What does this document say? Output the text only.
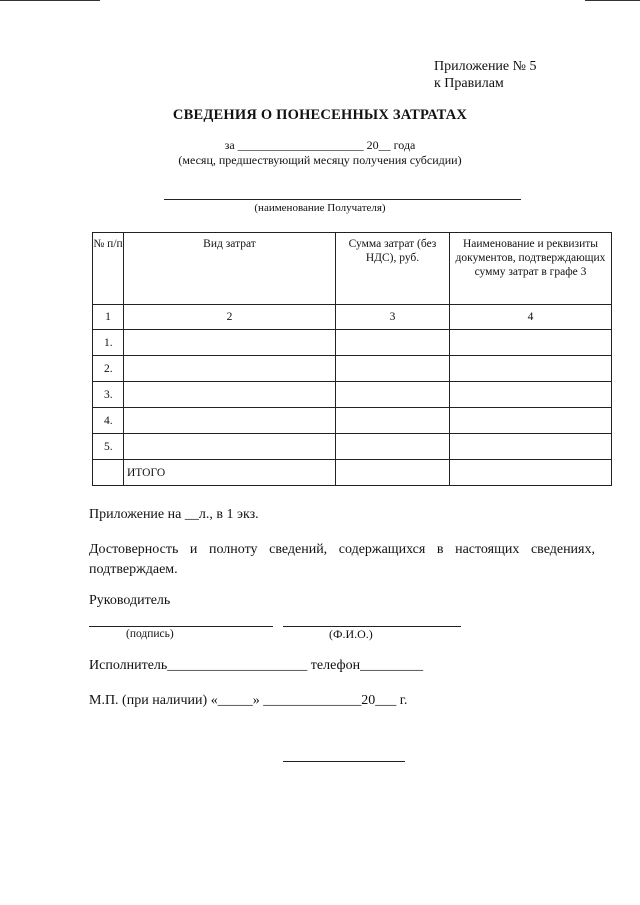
Приложение № 5
к Правилам
СВЕДЕНИЯ О ПОНЕСЕННЫХ ЗАТРАТАХ
за _____________________ 20__ года
(месяц, предшествующий месяцу получения субсидии)
(наименование Получателя)
№ п/п	Вид затрат	Сумма затрат (без НДС), руб.	Наименование и реквизиты документов, подтверждающих сумму затрат в графе 3
1	2	3	4
1.			
2.			
3.			
4.			
5.			
	ИТОГО		
Приложение на __л., в 1 экз.
Достоверность и полноту сведений, содержащихся в настоящих сведениях,
подтверждаем.
Руководитель
(подпись)	(Ф.И.О.)
Исполнитель____________________ телефон_________
М.П. (при наличии) «_____» ______________20___ г.
